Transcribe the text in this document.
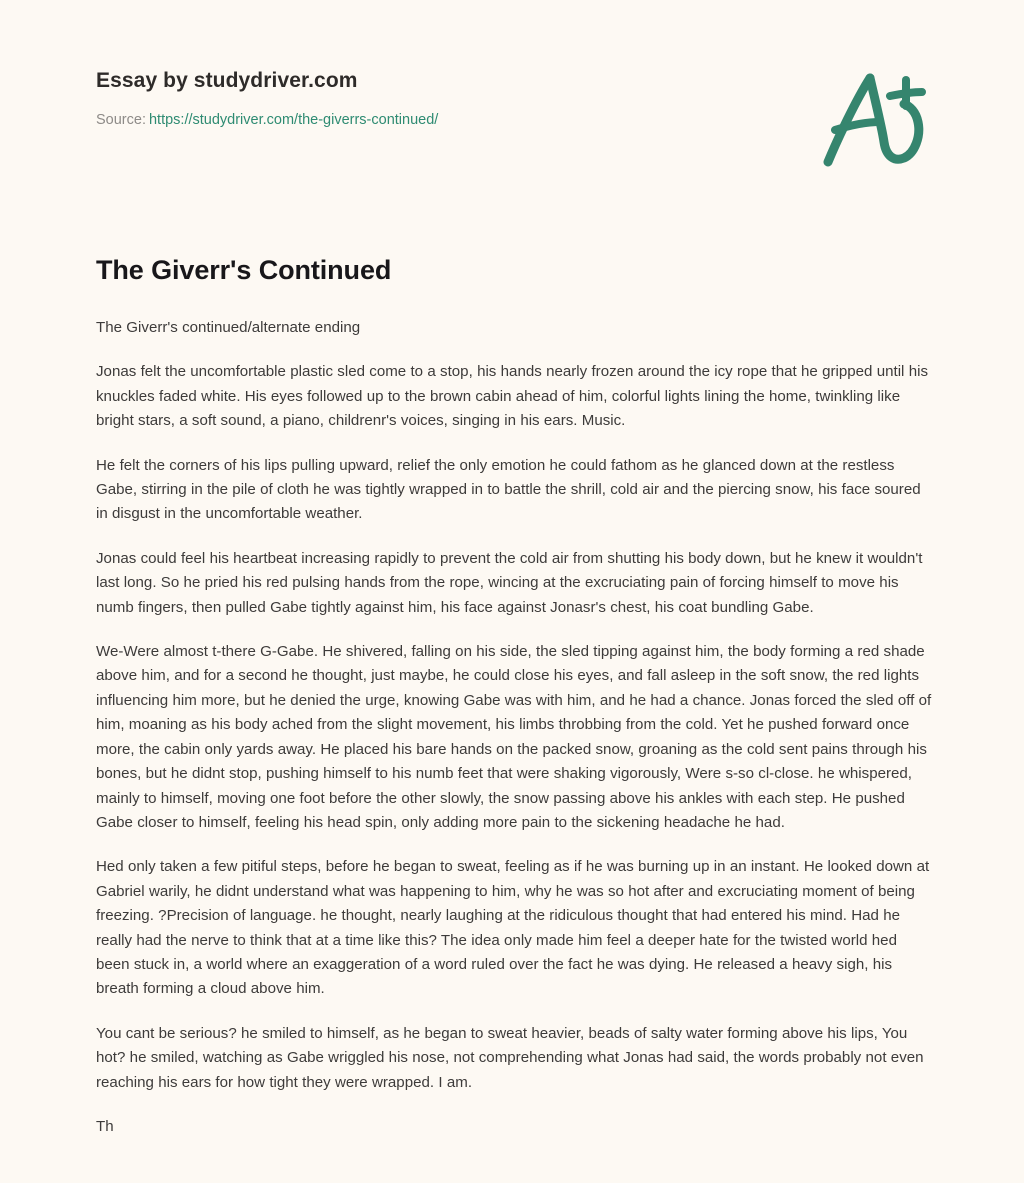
Essay by studydriver.com
Source: https://studydriver.com/the-giverrs-continued/
The Giverr's Continued

The Giverr's continued/alternate ending

Jonas felt the uncomfortable plastic sled come to a stop, his hands nearly frozen around the icy rope that he gripped until his knuckles faded white. His eyes followed up to the brown cabin ahead of him, colorful lights lining the home, twinkling like bright stars, a soft sound, a piano, childrenr's voices, singing in his ears. Music.

He felt the corners of his lips pulling upward, relief the only emotion he could fathom as he glanced down at the restless Gabe, stirring in the pile of cloth he was tightly wrapped in to battle the shrill, cold air and the piercing snow, his face soured in disgust in the uncomfortable weather.

Jonas could feel his heartbeat increasing rapidly to prevent the cold air from shutting his body down, but he knew it wouldn't last long. So he pried his red pulsing hands from the rope, wincing at the excruciating pain of forcing himself to move his numb fingers, then pulled Gabe tightly against him, his face against Jonasr's chest, his coat bundling Gabe.

We-Were almost t-there G-Gabe. He shivered, falling on his side, the sled tipping against him, the body forming a red shade above him, and for a second he thought, just maybe, he could close his eyes, and fall asleep in the soft snow, the red lights influencing him more, but he denied the urge, knowing Gabe was with him, and he had a chance. Jonas forced the sled off of him, moaning as his body ached from the slight movement, his limbs throbbing from the cold. Yet he pushed forward once more, the cabin only yards away. He placed his bare hands on the packed snow, groaning as the cold sent pains through his bones, but he didnt stop, pushing himself to his numb feet that were shaking vigorously, Were s-so cl-close. he whispered, mainly to himself, moving one foot before the other slowly, the snow passing above his ankles with each step. He pushed Gabe closer to himself, feeling his head spin, only adding more pain to the sickening headache he had.

Hed only taken a few pitiful steps, before he began to sweat, feeling as if he was burning up in an instant. He looked down at Gabriel warily, he didnt understand what was happening to him, why he was so hot after and excruciating moment of being freezing. ?Precision of language. he thought, nearly laughing at the ridiculous thought that had entered his mind. Had he really had the nerve to think that at a time like this? The idea only made him feel a deeper hate for the twisted world hed been stuck in, a world where an exaggeration of a word ruled over the fact he was dying. He released a heavy sigh, his breath forming a cloud above him.

You cant be serious? he smiled to himself, as he began to sweat heavier, beads of salty water forming above his lips, You hot? he smiled, watching as Gabe wriggled his nose, not comprehending what Jonas had said, the words probably not even reaching his ears for how tight they were wrapped. I am.

Th
